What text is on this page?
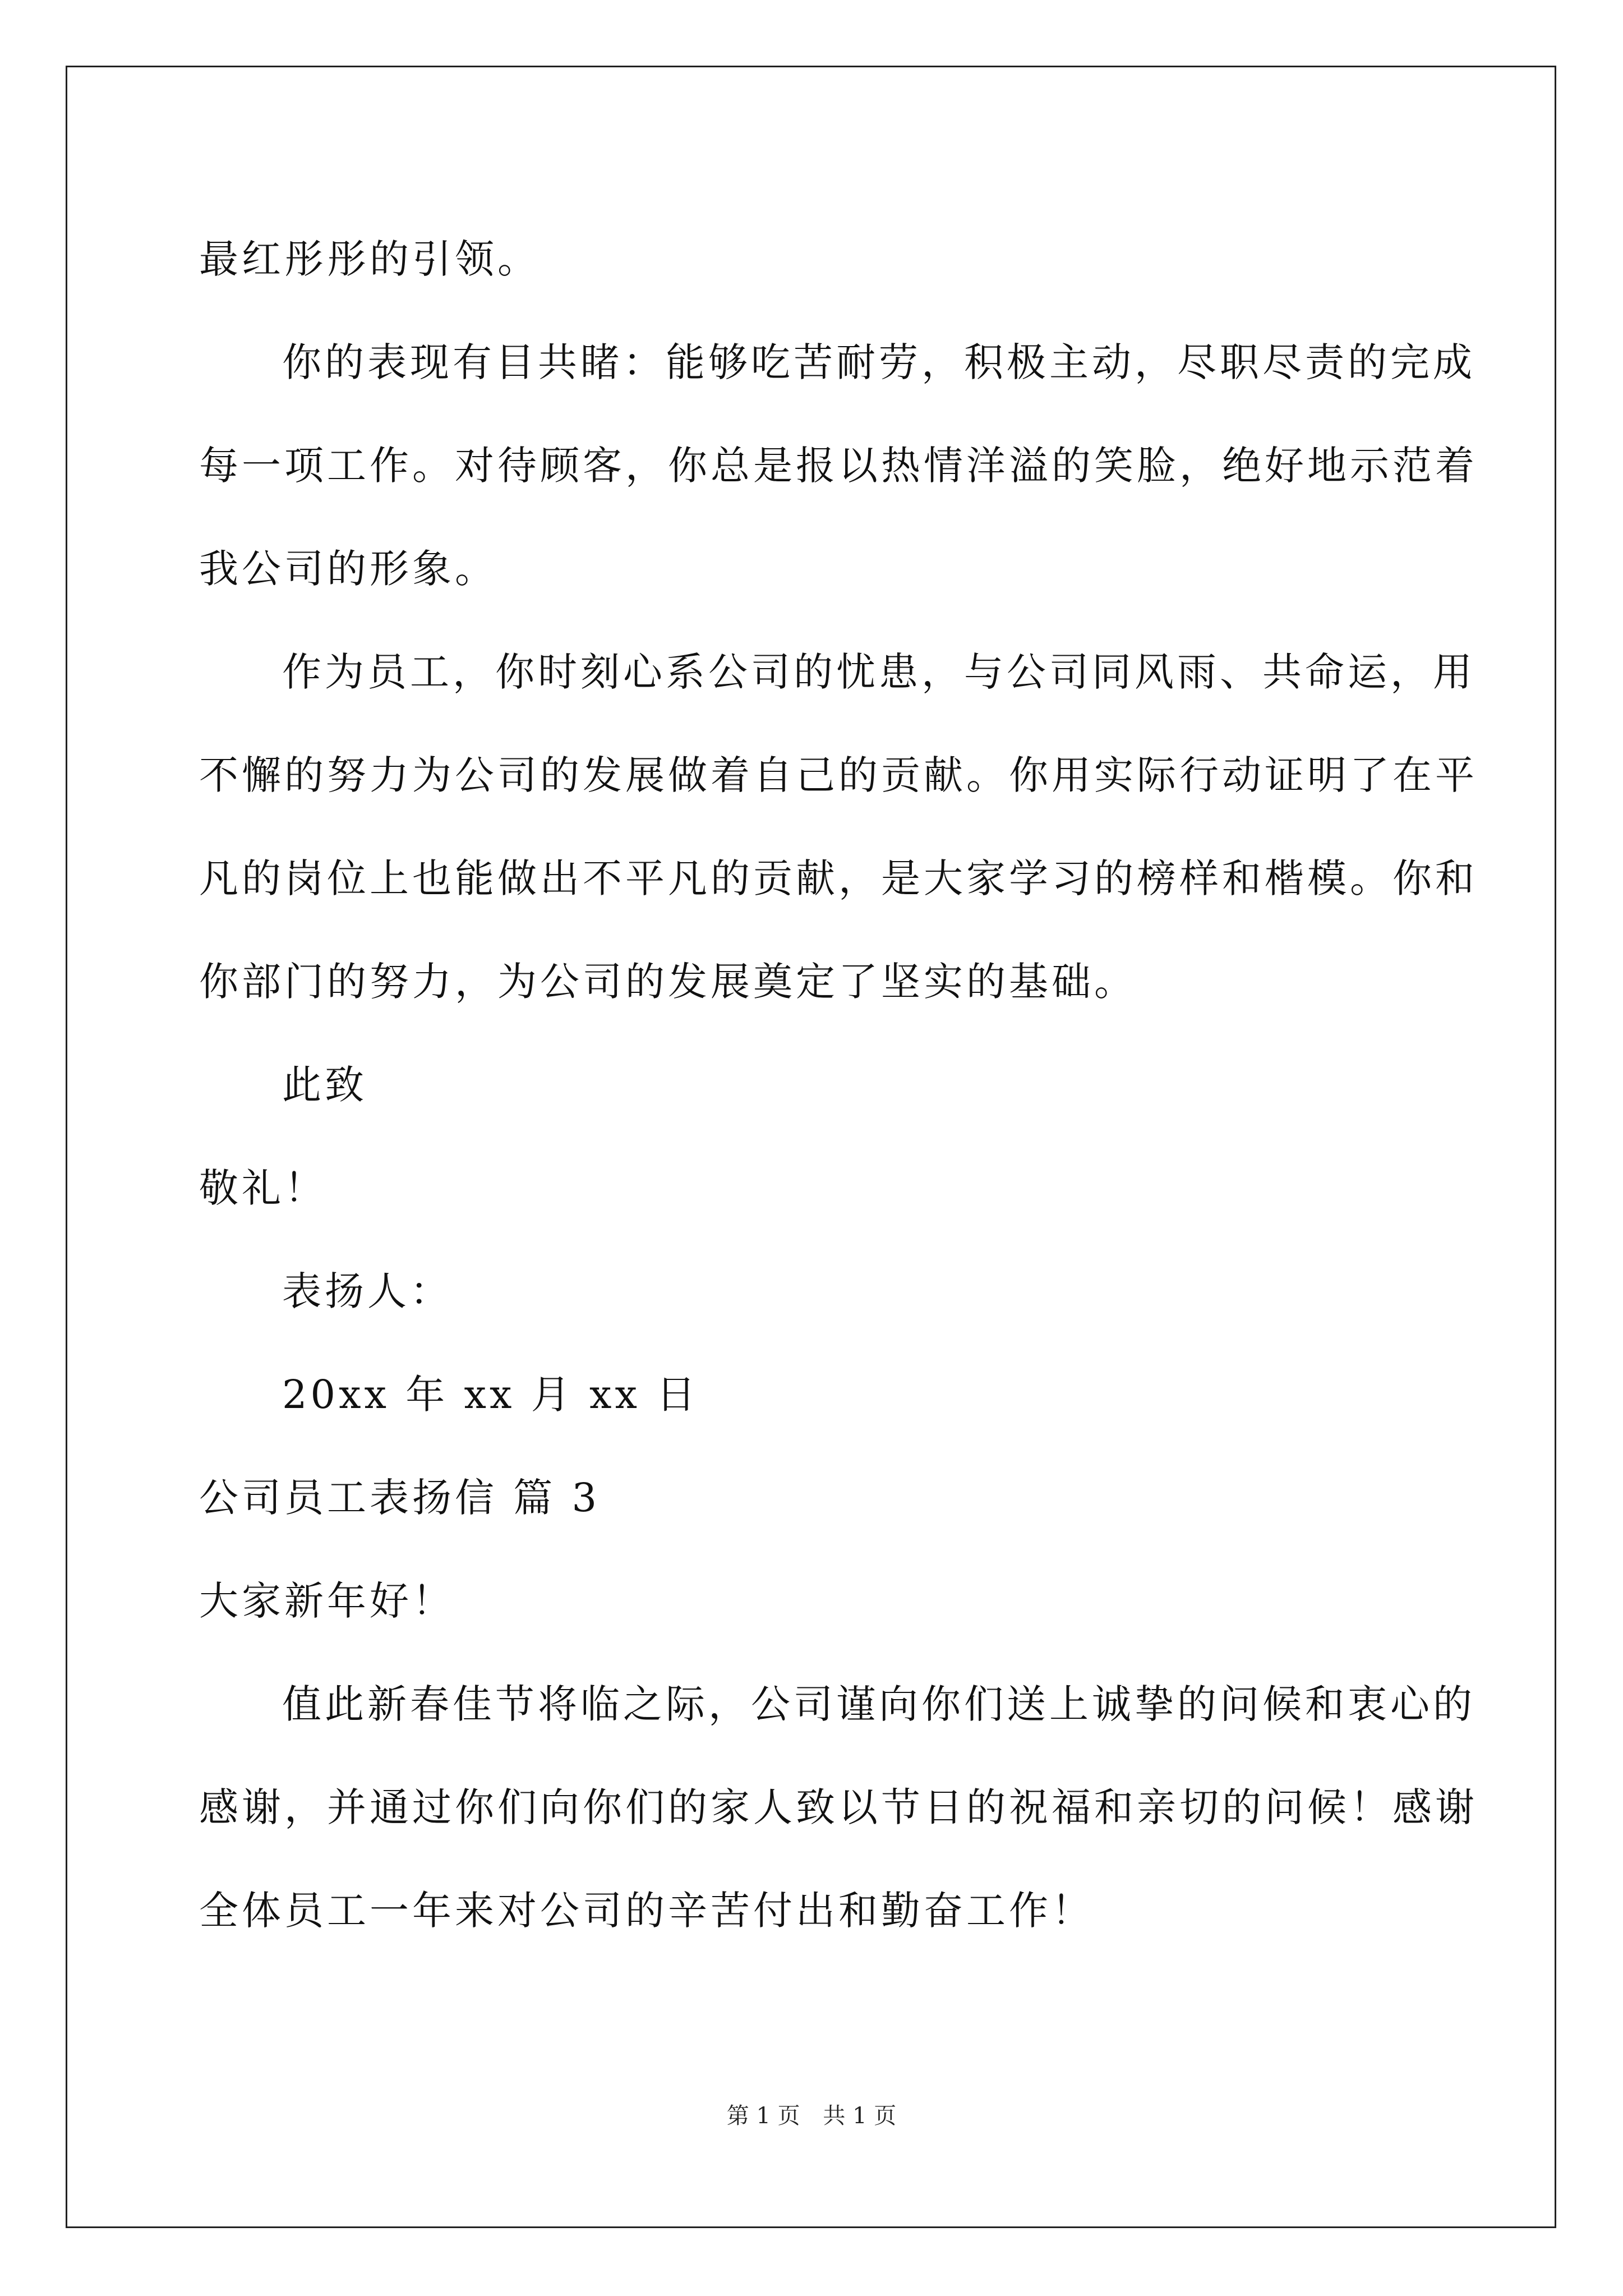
最红彤彤的引领。
你的表现有目共睹：能够吃苦耐劳，积极主动，尽职尽责的完成
每一项工作。对待顾客，你总是报以热情洋溢的笑脸，绝好地示范着
我公司的形象。
作为员工，你时刻心系公司的忧患，与公司同风雨、共命运，用
不懈的努力为公司的发展做着自己的贡献。你用实际行动证明了在平
凡的岗位上也能做出不平凡的贡献，是大家学习的榜样和楷模。你和
你部门的努力，为公司的发展奠定了坚实的基础。
此致
敬礼！
表扬人：
20xx 年 xx 月 xx 日
公司员工表扬信 篇 3
大家新年好！
值此新春佳节将临之际，公司谨向你们送上诚挚的问候和衷心的
感谢，并通过你们向你们的家人致以节日的祝福和亲切的问候！感谢
全体员工一年来对公司的辛苦付出和勤奋工作！
第 1 页 共 1 页
